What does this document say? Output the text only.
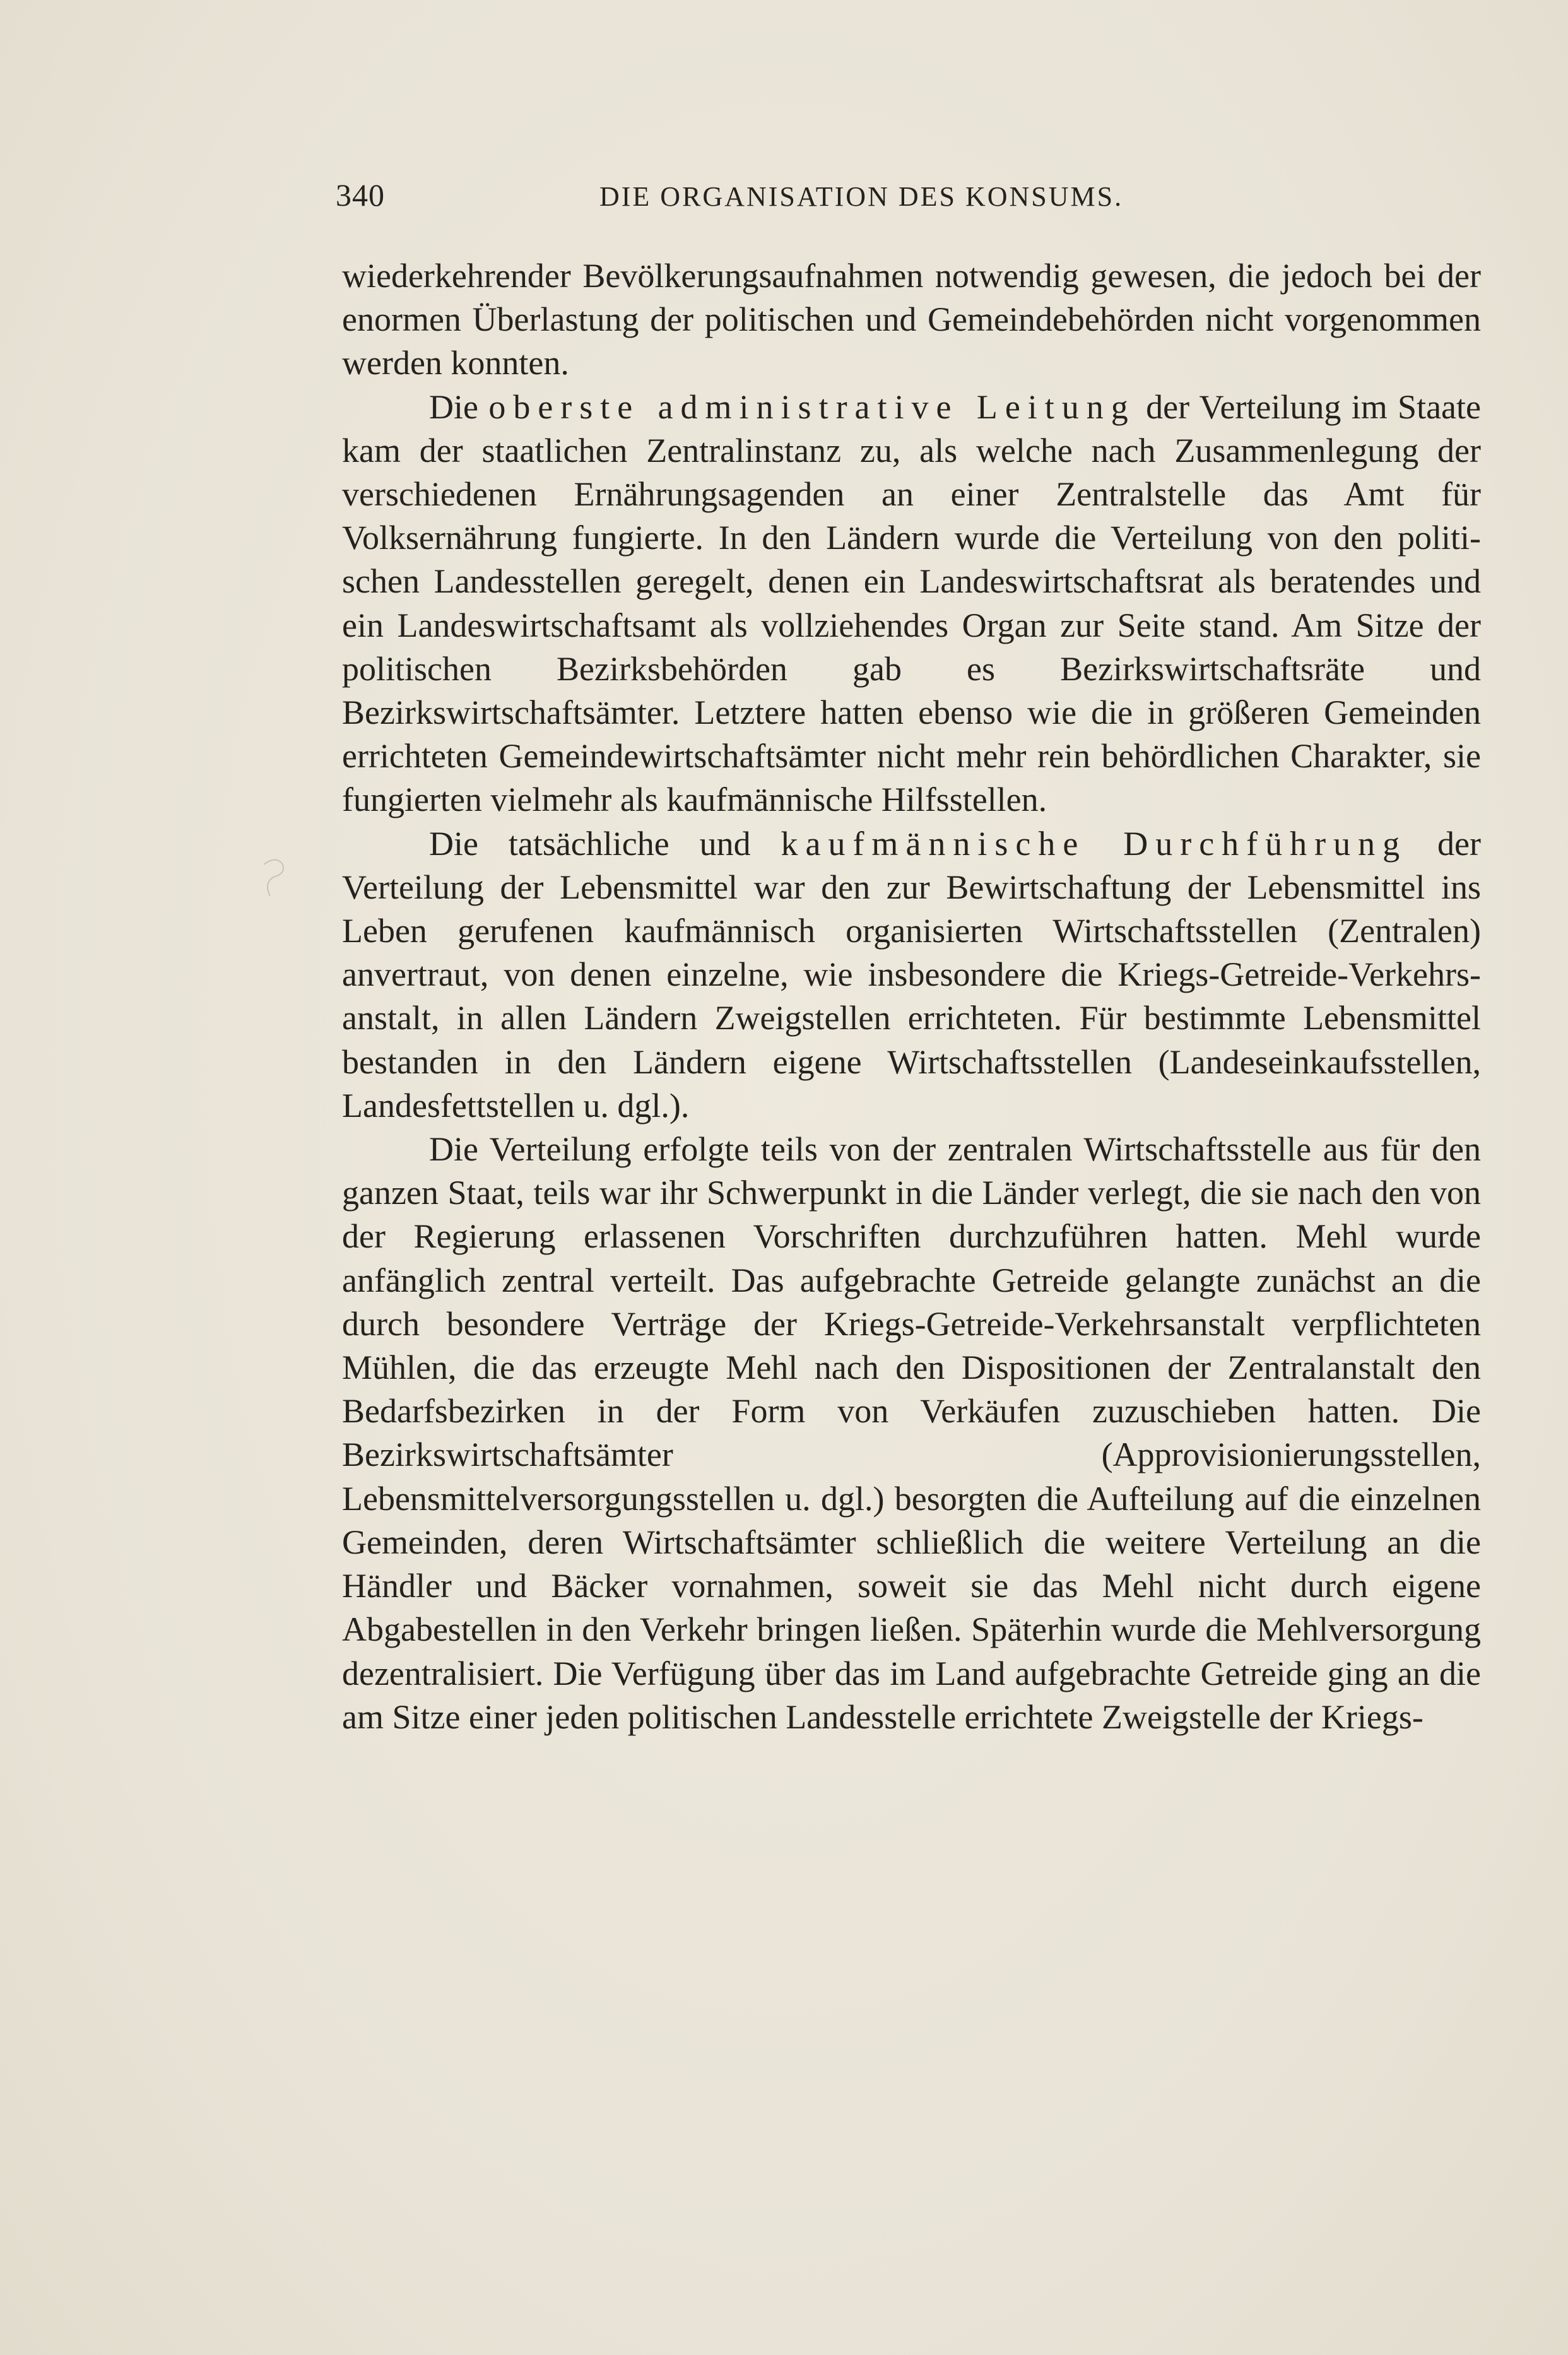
340	DIE ORGANISATION DES KONSUMS.

wiederkehrender Bevölkerungsaufnahmen notwendig gewesen, die jedoch bei der enormen Überlastung der politischen und Gemeindebehörden nicht vorgenommen werden konnten.

Die oberste administrative Leitung der Verteilung im Staate kam der staatlichen Zentralinstanz zu, als welche nach Zusammenlegung der verschiedenen Ernährungsagenden an einer Zentralstelle das Amt für Volksernährung fungierte. In den Ländern wurde die Verteilung von den politischen Landesstellen geregelt, denen ein Landeswirtschaftsrat als beratendes und ein Landeswirtschaftsamt als vollziehendes Organ zur Seite stand. Am Sitze der politischen Bezirksbehörden gab es Bezirkswirtschaftsräte und Bezirkswirtschaftsämter. Letztere hatten ebenso wie die in größeren Gemeinden errichteten Gemeindewirtschaftsämter nicht mehr rein behördlichen Charakter, sie fungierten vielmehr als kaufmännische Hilfsstellen.

Die tatsächliche und kaufmännische Durchführung der Verteilung der Lebensmittel war den zur Bewirtschaftung der Lebensmittel ins Leben gerufenen kaufmännisch organisierten Wirtschaftsstellen (Zentralen) anvertraut, von denen einzelne, wie insbesondere die Kriegs-Getreide-Verkehrsanstalt, in allen Ländern Zweigstellen errichteten. Für bestimmte Lebensmittel bestanden in den Ländern eigene Wirtschaftsstellen (Landeseinkaufsstellen, Landesfettstellen u. dgl.).

Die Verteilung erfolgte teils von der zentralen Wirtschaftsstelle aus für den ganzen Staat, teils war ihr Schwerpunkt in die Länder verlegt, die sie nach den von der Regierung erlassenen Vorschriften durchzuführen hatten. Mehl wurde anfänglich zentral verteilt. Das aufgebrachte Getreide gelangte zunächst an die durch besondere Verträge der Kriegs-Getreide-Verkehrsanstalt verpflichteten Mühlen, die das erzeugte Mehl nach den Dispositionen der Zentralanstalt den Bedarfsbezirken in der Form von Verkäufen zuzuschieben hatten. Die Bezirkswirtschaftsämter (Approvisionierungsstellen, Lebensmittelversorgungsstellen u. dgl.) besorgten die Aufteilung auf die einzelnen Gemeinden, deren Wirtschaftsämter schließlich die weitere Verteilung an die Händler und Bäcker vornahmen, soweit sie das Mehl nicht durch eigene Abgabestellen in den Verkehr bringen ließen. Späterhin wurde die Mehlversorgung dezentralisiert. Die Verfügung über das im Land aufgebrachte Getreide ging an die am Sitze einer jeden politischen Landesstelle errichtete Zweigstelle der Kriegs-
